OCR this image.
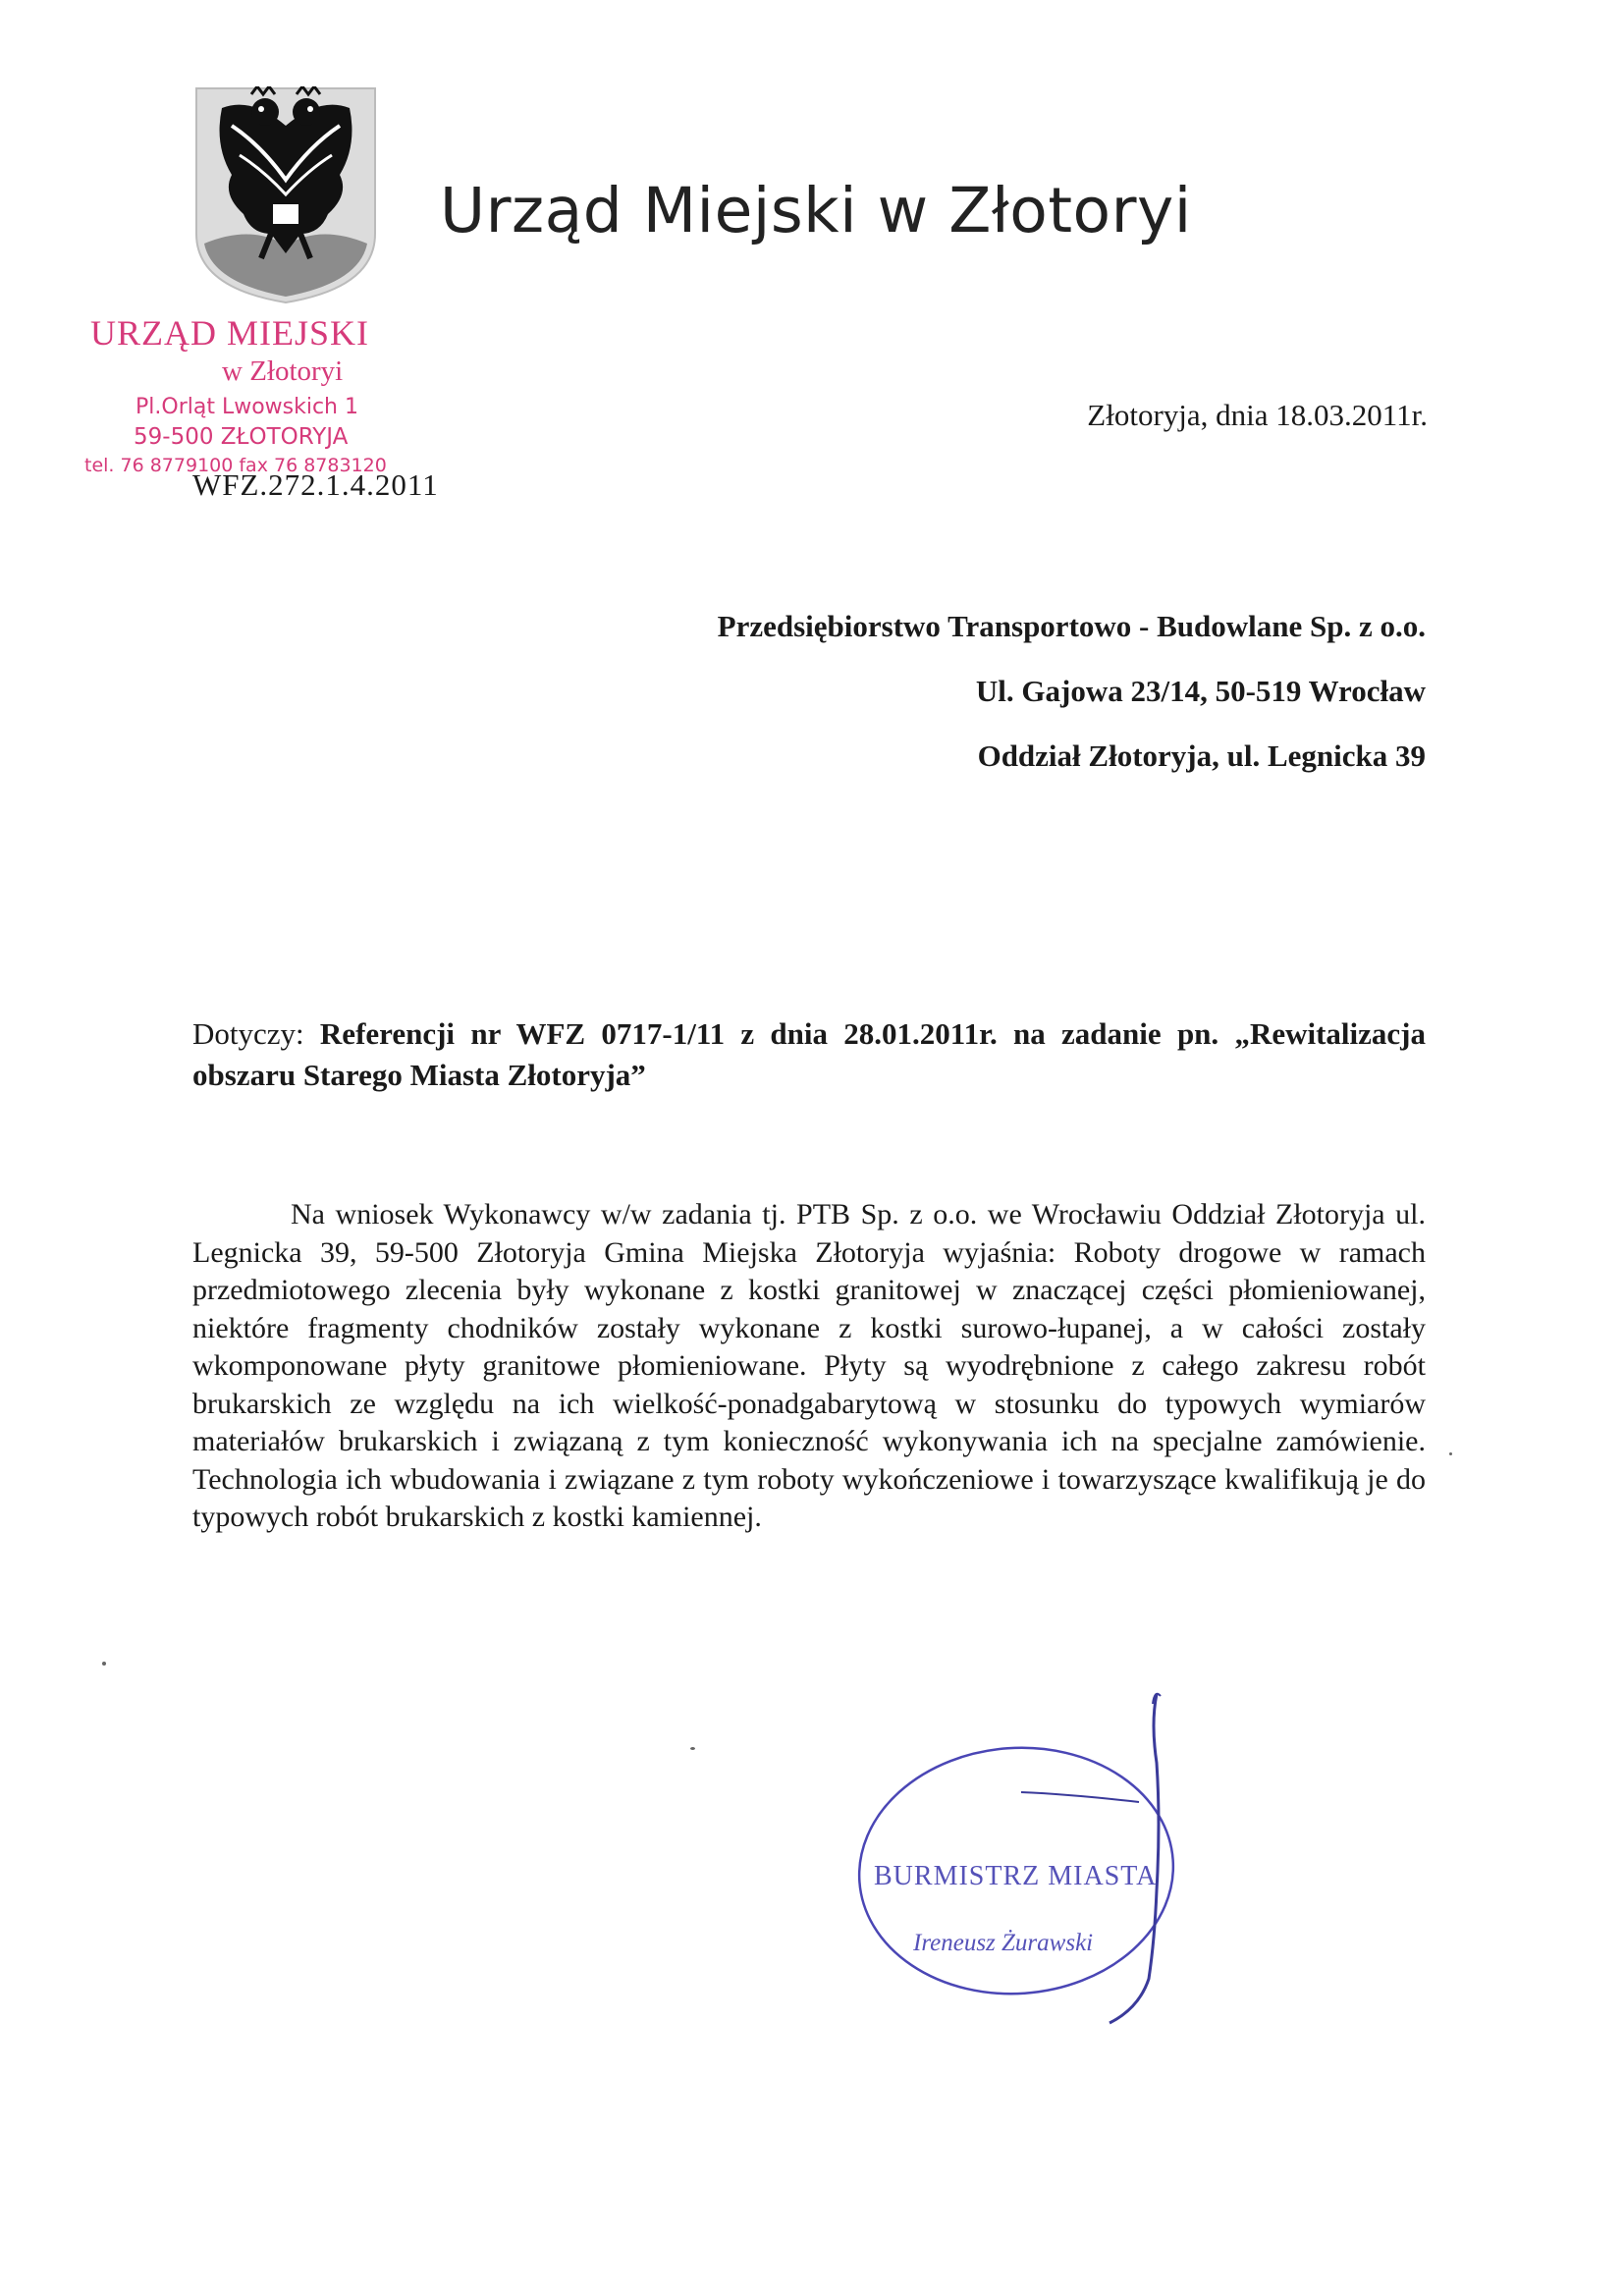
Urząd Miejski w Złotoryi
URZĄD MIEJSKI
w Złotoryi
Pl.Orląt Lwowskich 1
59-500 ZŁOTORYJA
tel. 76 8779100 fax 76 8783120
WFZ.272.1.4.2011
Złotoryja, dnia 18.03.2011r.
Przedsiębiorstwo Transportowo - Budowlane Sp. z o.o.
Ul. Gajowa 23/14, 50-519 Wrocław
Oddział Złotoryja, ul. Legnicka 39
Dotyczy: Referencji nr WFZ 0717-1/11 z dnia 28.01.2011r. na zadanie pn. „Rewitalizacja obszaru Starego Miasta Złotoryja”
Na wniosek Wykonawcy w/w zadania tj. PTB Sp. z o.o. we Wrocławiu Oddział Złotoryja ul. Legnicka 39, 59-500 Złotoryja Gmina Miejska Złotoryja wyjaśnia: Roboty drogowe w ramach przedmiotowego zlecenia były wykonane z kostki granitowej w znaczącej części płomieniowanej, niektóre fragmenty chodników zostały wykonane z kostki surowo-łupanej, a w całości zostały wkomponowane płyty granitowe płomieniowane. Płyty są wyodrębnione z całego zakresu robót brukarskich ze względu na ich wielkość-ponadgabarytową w stosunku do typowych wymiarów materiałów brukarskich i związaną z tym konieczność wykonywania ich na specjalne zamówienie. Technologia ich wbudowania i związane z tym roboty wykończeniowe i towarzyszące kwalifikują je do typowych robót brukarskich z kostki kamiennej.
BURMISTRZ MIASTA
Ireneusz Żurawski
